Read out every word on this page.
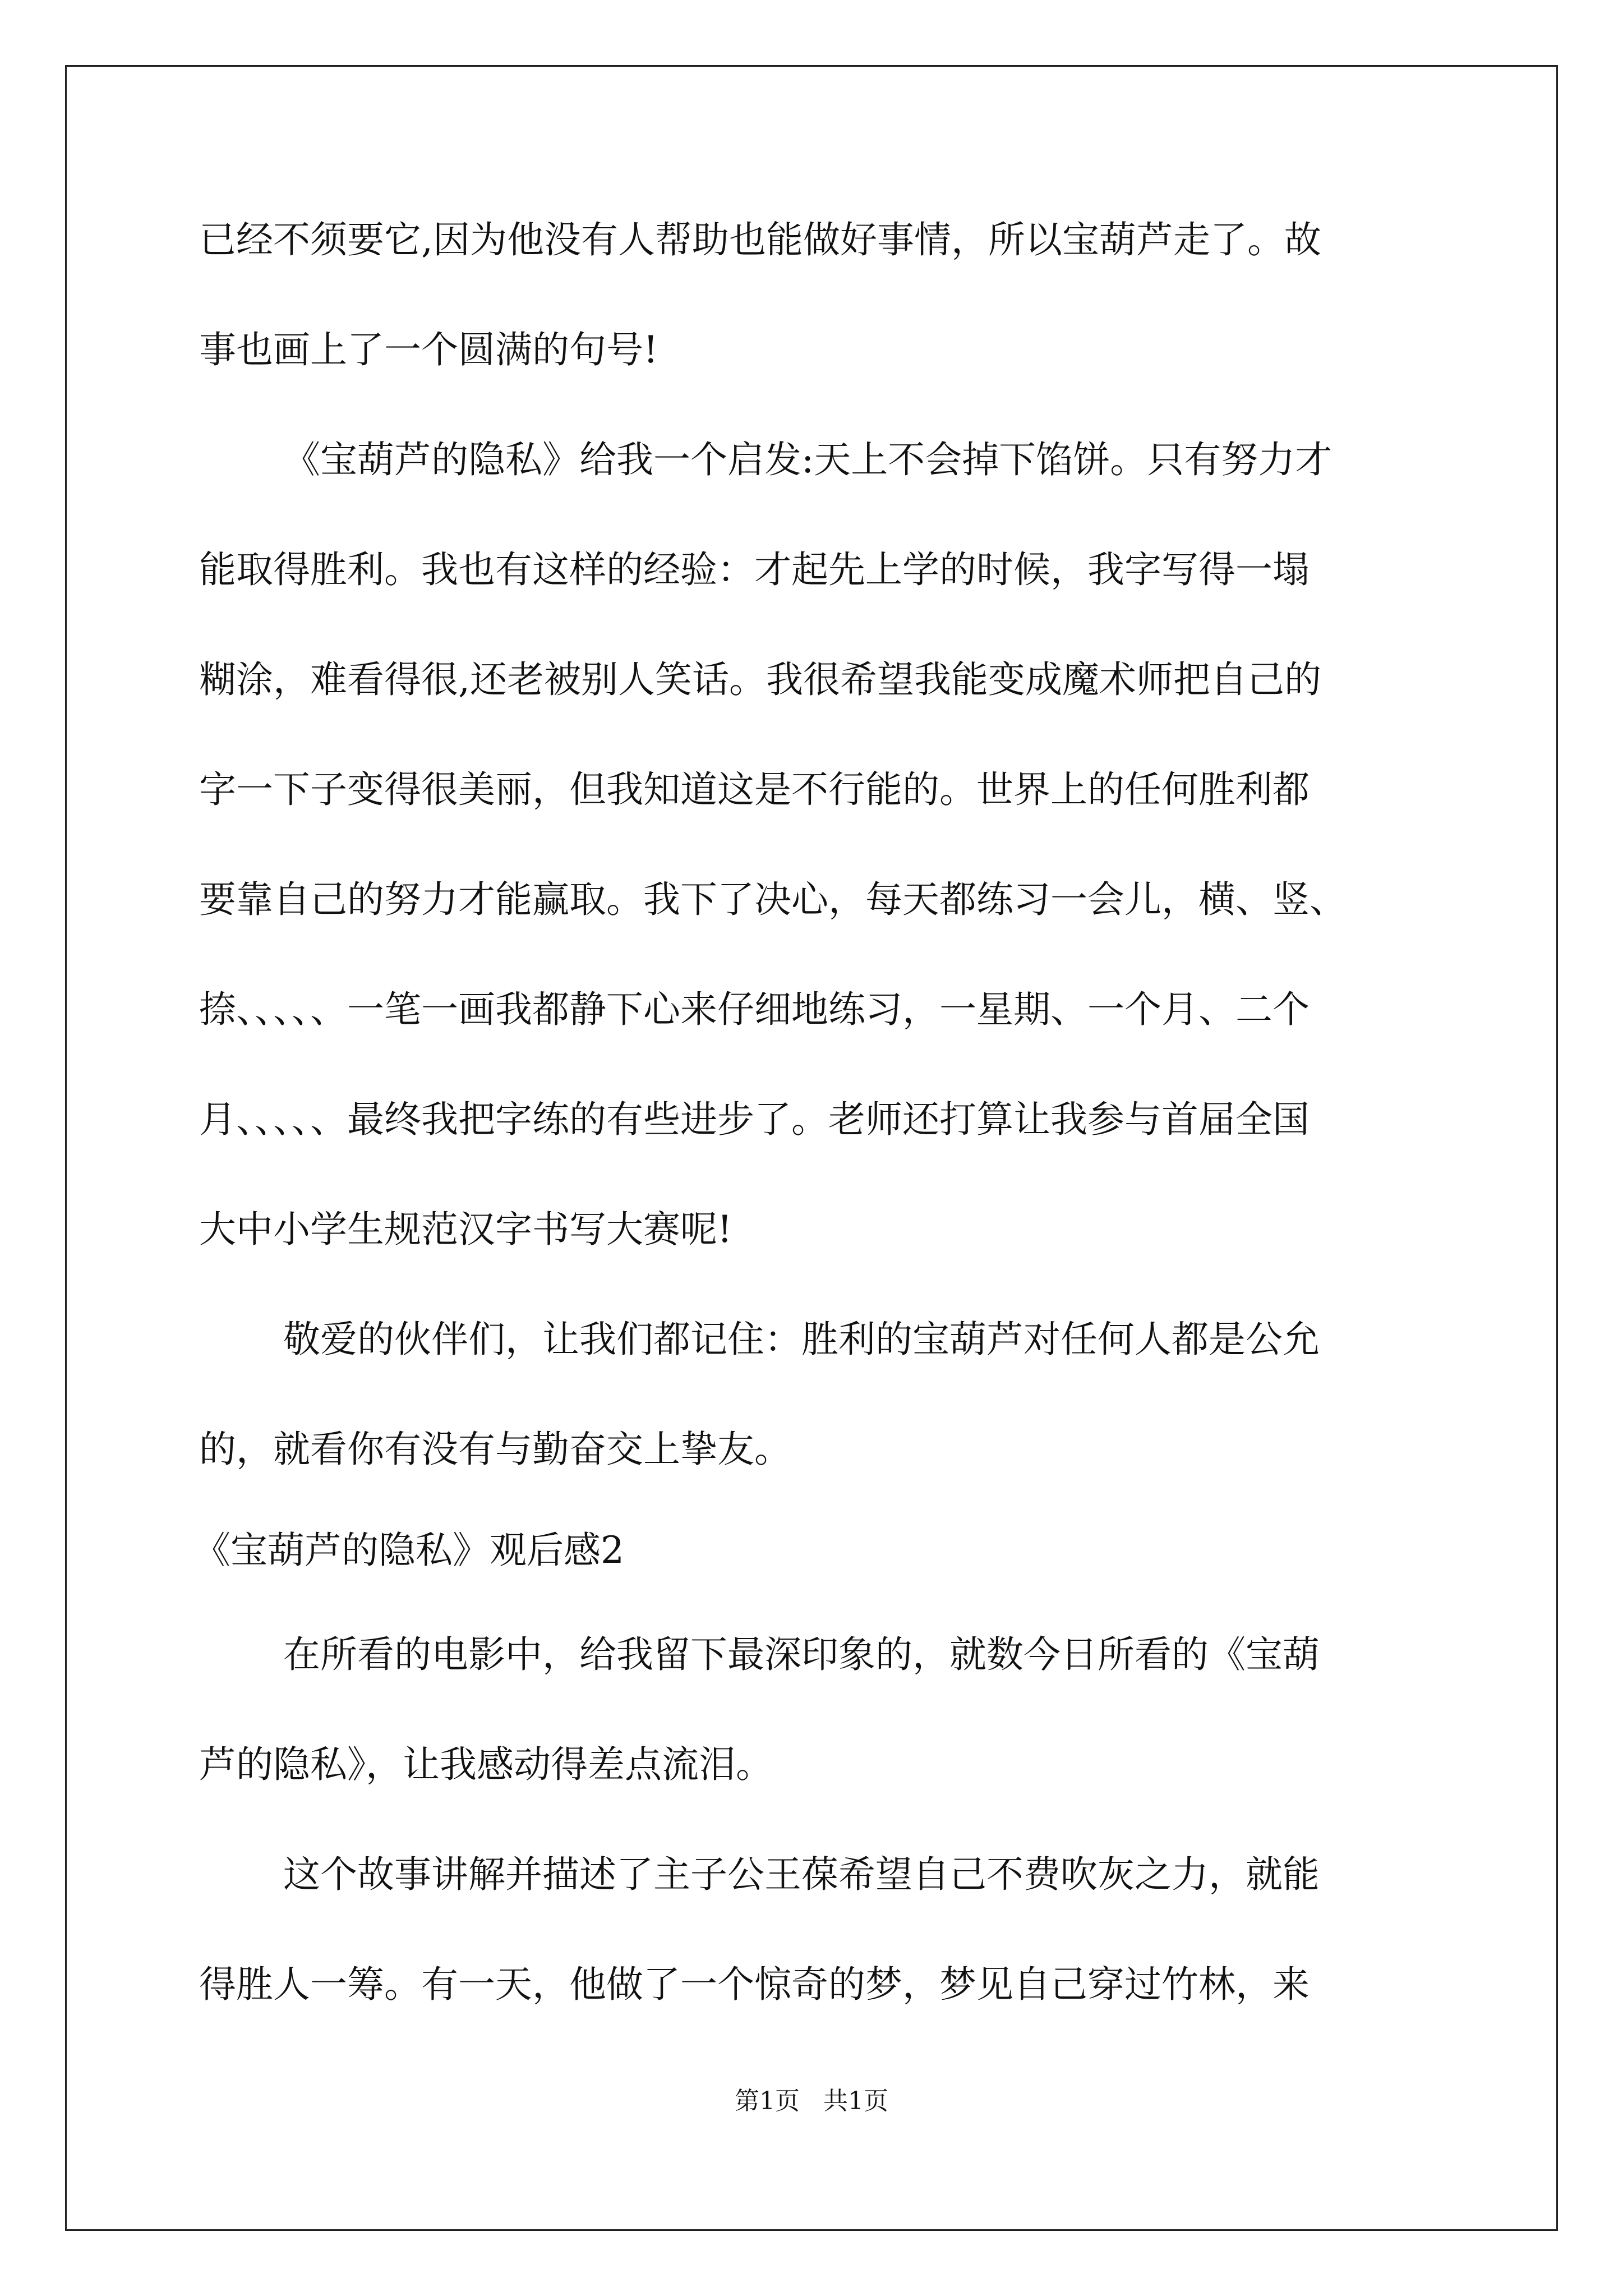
已经不须要它,因为他没有人帮助也能做好事情，所以宝葫芦走了。故
事也画上了一个圆满的句号!
《宝葫芦的隐私》给我一个启发:天上不会掉下馅饼。只有努力才
能取得胜利。我也有这样的经验：才起先上学的时候，我字写得一塌
糊涂，难看得很,还老被别人笑话。我很希望我能变成魔术师把自己的
字一下子变得很美丽，但我知道这是不行能的。世界上的任何胜利都
要靠自己的努力才能赢取。我下了决心，每天都练习一会儿，横、竖、
捺、、、、、一笔一画我都静下心来仔细地练习，一星期、一个月、二个
月、、、、、最终我把字练的有些进步了。老师还打算让我参与首届全国
大中小学生规范汉字书写大赛呢!
敬爱的伙伴们，让我们都记住：胜利的宝葫芦对任何人都是公允
的，就看你有没有与勤奋交上挚友。
《宝葫芦的隐私》观后感2
在所看的电影中，给我留下最深印象的，就数今日所看的《宝葫
芦的隐私》，让我感动得差点流泪。
这个故事讲解并描述了主子公王葆希望自己不费吹灰之力，就能
得胜人一筹。有一天，他做了一个惊奇的梦，梦见自己穿过竹林，来
第1页   共1页
